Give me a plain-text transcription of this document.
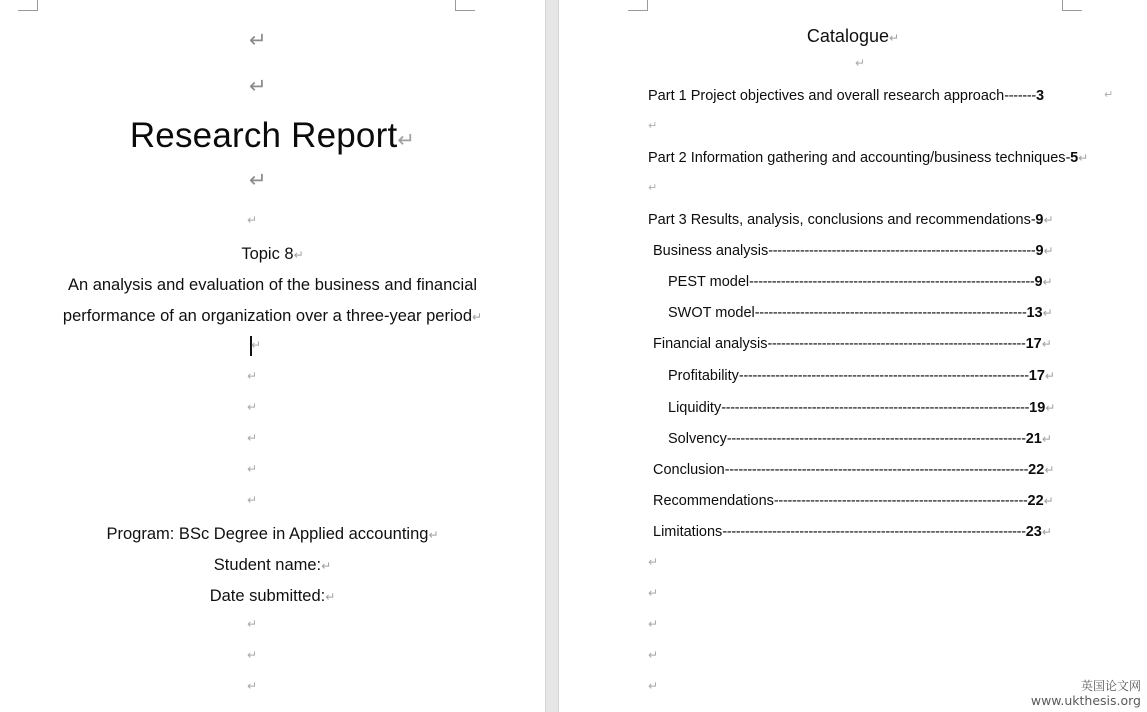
↵
↵
Research Report↵
↵
↵
Topic 8↵
An analysis and evaluation of the business and financial
performance of an organization over a three-year period↵
↵
↵
↵
↵
↵
↵
Program: BSc Degree in Applied accounting↵
Student name:↵
Date submitted:↵
↵
↵
↵
Catalogue↵
↵
Part 1 Project objectives and overall research approach-------3
Part 2 Information gathering and accounting/business techniques-5↵
Part 3 Results, analysis, conclusions and recommendations-9↵
Business analysis-----------------------------------------------------------9↵
PEST model---------------------------------------------------------------9↵
SWOT model------------------------------------------------------------13↵
Financial analysis---------------------------------------------------------17↵
Profitability----------------------------------------------------------------17↵
Liquidity--------------------------------------------------------------------19↵
Solvency------------------------------------------------------------------21↵
Conclusion-------------------------------------------------------------------22↵
Recommendations--------------------------------------------------------22↵
Limitations-------------------------------------------------------------------23↵
↵
↵
↵
↵
↵
↵
↵
↵
英国论文网
www.ukthesis.org
